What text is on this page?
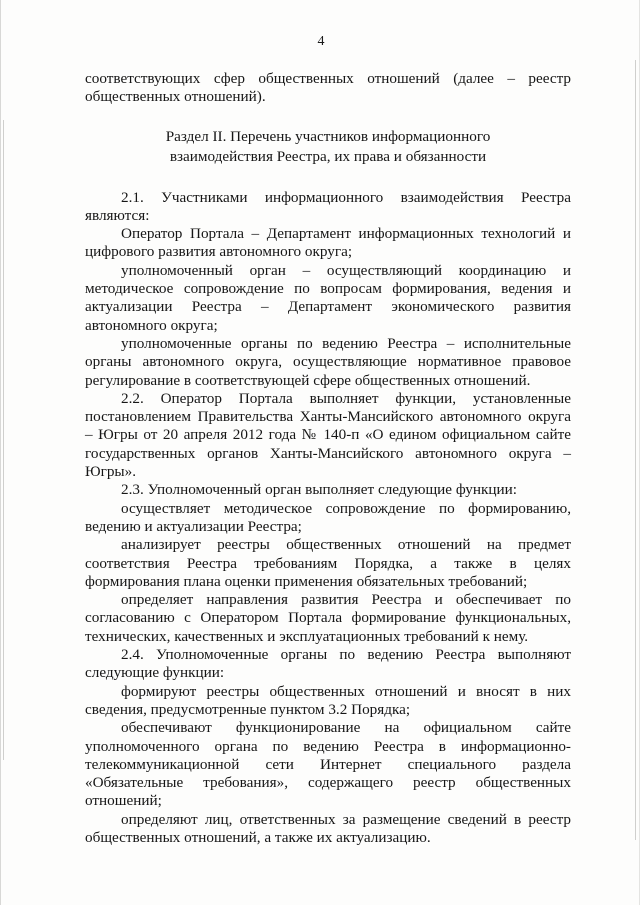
4

соответствующих сфер общественных отношений (далее – реестр общественных отношений).

Раздел II. Перечень участников информационного
взаимодействия Реестра, их права и обязанности

2.1. Участниками информационного взаимодействия Реестра являются:

Оператор Портала – Департамент информационных технологий и цифрового развития автономного округа;

уполномоченный орган – осуществляющий координацию и методическое сопровождение по вопросам формирования, ведения и актуализации Реестра – Департамент экономического развития автономного округа;

уполномоченные органы по ведению Реестра – исполнительные органы автономного округа, осуществляющие нормативное правовое регулирование в соответствующей сфере общественных отношений.

2.2. Оператор Портала выполняет функции, установленные постановлением Правительства Ханты-Мансийского автономного округа – Югры от 20 апреля 2012 года № 140-п «О едином официальном сайте государственных органов Ханты-Мансийского автономного округа – Югры».

2.3. Уполномоченный орган выполняет следующие функции:

осуществляет методическое сопровождение по формированию, ведению и актуализации Реестра;

анализирует реестры общественных отношений на предмет соответствия Реестра требованиям Порядка, а также в целях формирования плана оценки применения обязательных требований;

определяет направления развития Реестра и обеспечивает по согласованию с Оператором Портала формирование функциональных, технических, качественных и эксплуатационных требований к нему.

2.4. Уполномоченные органы по ведению Реестра выполняют следующие функции:

формируют реестры общественных отношений и вносят в них сведения, предусмотренные пунктом 3.2 Порядка;

обеспечивают функционирование на официальном сайте уполномоченного органа по ведению Реестра в информационно-телекоммуникационной сети Интернет специального раздела «Обязательные требования», содержащего реестр общественных отношений;

определяют лиц, ответственных за размещение сведений в реестр общественных отношений, а также их актуализацию.
